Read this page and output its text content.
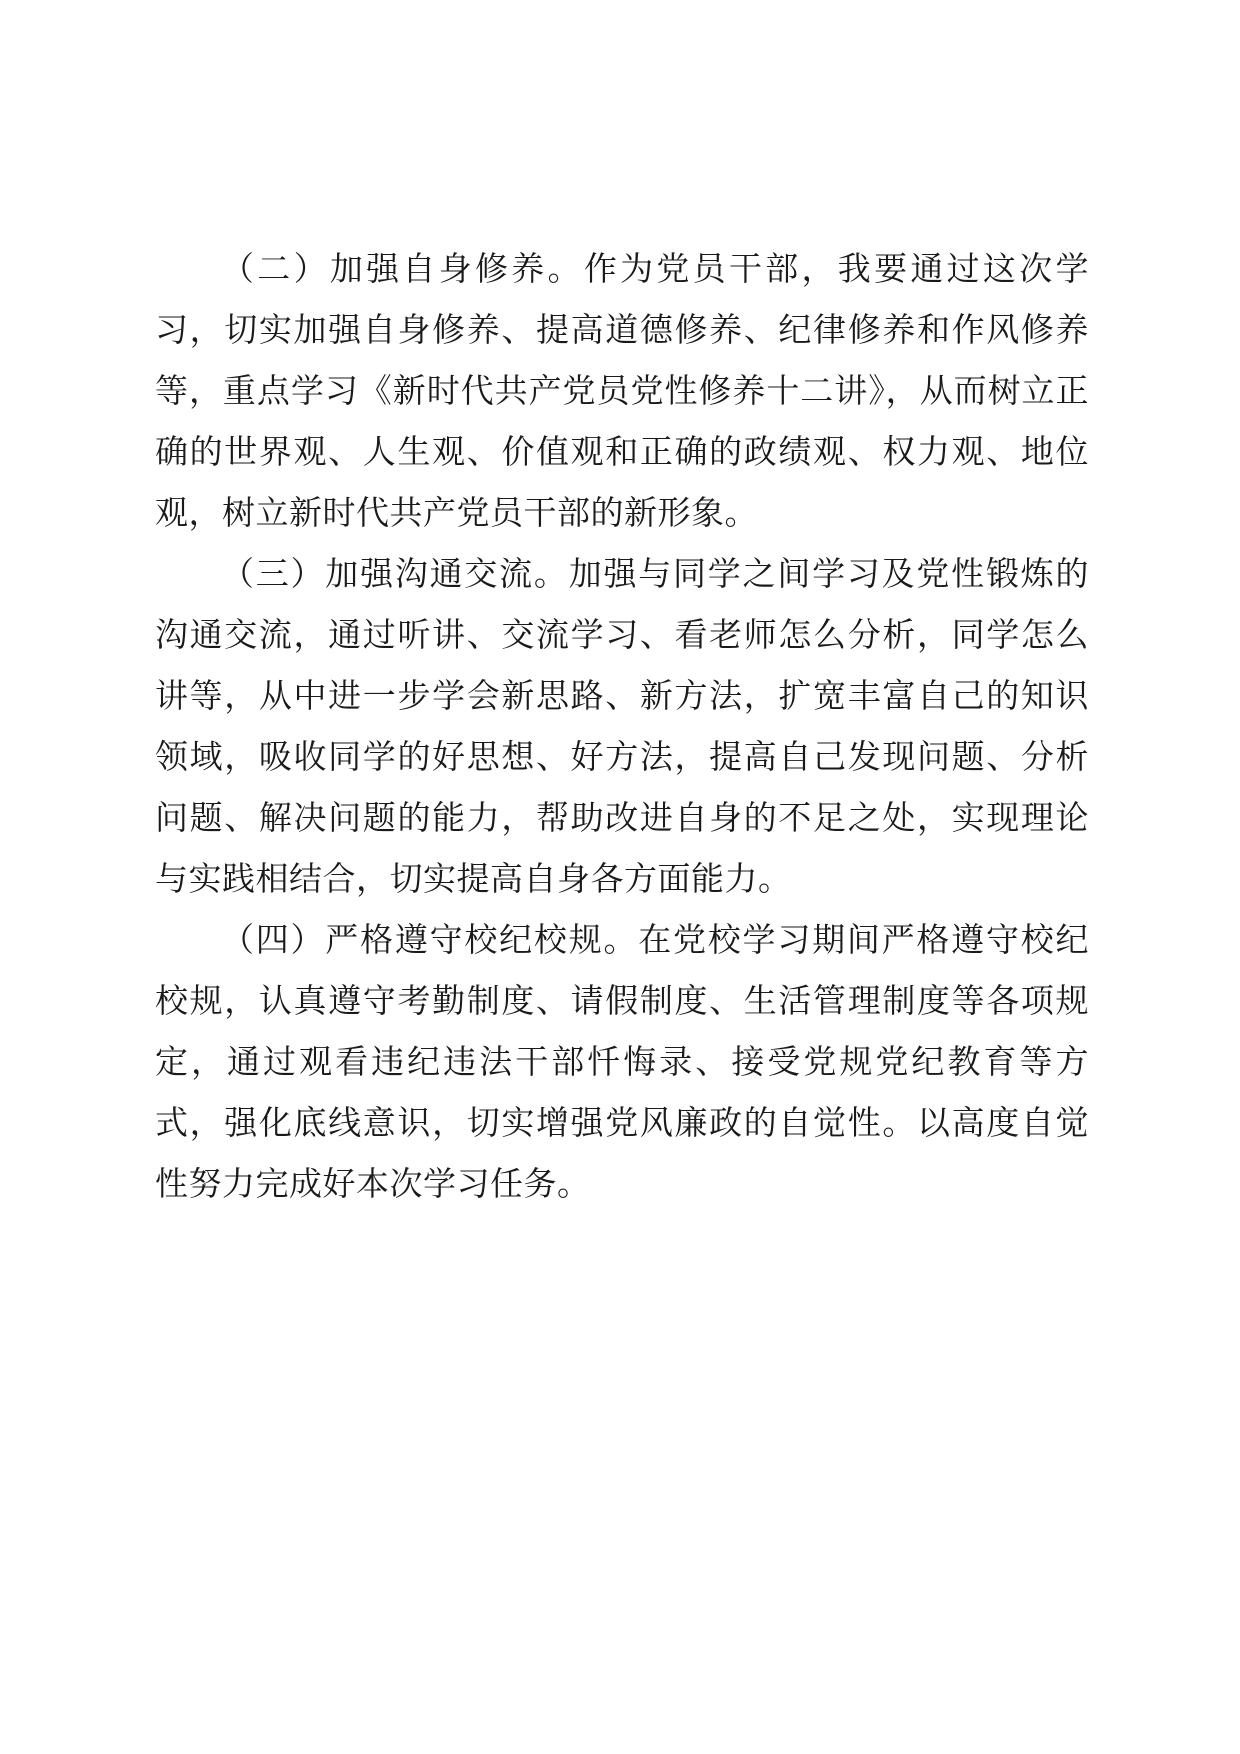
（二）加强自身修养。作为党员干部，我要通过这次学习，切实加强自身修养、提高道德修养、纪律修养和作风修养等，重点学习《新时代共产党员党性修养十二讲》，从而树立正确的世界观、人生观、价值观和正确的政绩观、权力观、地位观，树立新时代共产党员干部的新形象。

（三）加强沟通交流。加强与同学之间学习及党性锻炼的沟通交流，通过听讲、交流学习、看老师怎么分析，同学怎么讲等，从中进一步学会新思路、新方法，扩宽丰富自己的知识领域，吸收同学的好思想、好方法，提高自己发现问题、分析问题、解决问题的能力，帮助改进自身的不足之处，实现理论与实践相结合，切实提高自身各方面能力。

（四）严格遵守校纪校规。在党校学习期间严格遵守校纪校规，认真遵守考勤制度、请假制度、生活管理制度等各项规定，通过观看违纪违法干部忏悔录、接受党规党纪教育等方式，强化底线意识，切实增强党风廉政的自觉性。以高度自觉性努力完成好本次学习任务。
